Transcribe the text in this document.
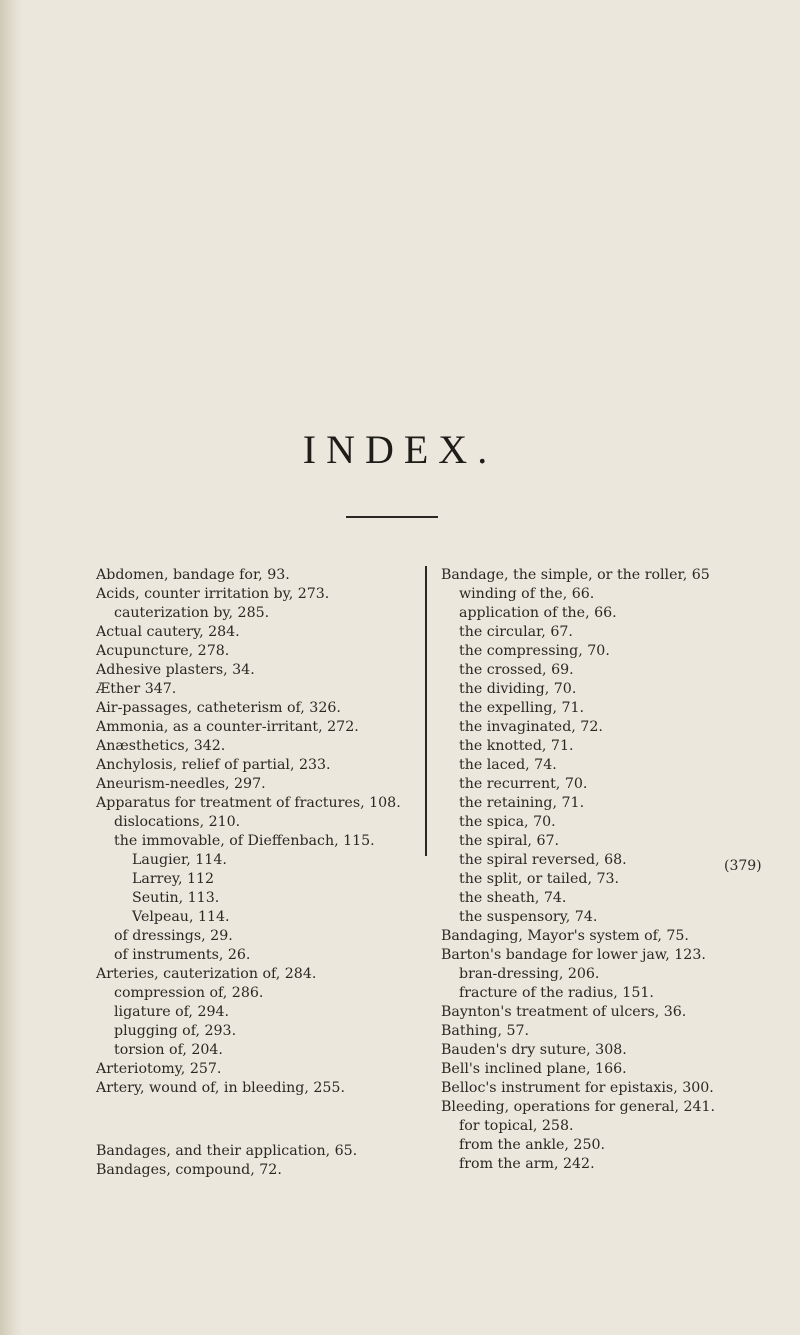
INDEX.
Abdomen, bandage for, 93.
Acids, counter irritation by, 273.
cauterization by, 285.
Actual cautery, 284.
Acupuncture, 278.
Adhesive plasters, 34.
Æther 347.
Air-passages, catheterism of, 326.
Ammonia, as a counter-irritant, 272.
Anæsthetics, 342.
Anchylosis, relief of partial, 233.
Aneurism-needles, 297.
Apparatus for treatment of fractures, 108.
dislocations, 210.
the immovable, of Dieffenbach, 115.
Laugier, 114.
Larrey, 112
Seutin, 113.
Velpeau, 114.
of dressings, 29.
of instruments, 26.
Arteries, cauterization of, 284.
compression of, 286.
ligature of, 294.
plugging of, 293.
torsion of, 204.
Arteriotomy, 257.
Artery, wound of, in bleeding, 255.
Bandages, and their application, 65.
Bandages, compound, 72.
Bandage, the simple, or the roller, 65
winding of the, 66.
application of the, 66.
the circular, 67.
the compressing, 70.
the crossed, 69.
the dividing, 70.
the expelling, 71.
the invaginated, 72.
the knotted, 71.
the laced, 74.
the recurrent, 70.
the retaining, 71.
the spica, 70.
the spiral, 67.
the spiral reversed, 68.
the split, or tailed, 73.
the sheath, 74.
the suspensory, 74.
Bandaging, Mayor's system of, 75.
Barton's bandage for lower jaw, 123.
bran-dressing, 206.
fracture of the radius, 151.
Baynton's treatment of ulcers, 36.
Bathing, 57.
Bauden's dry suture, 308.
Bell's inclined plane, 166.
Belloc's instrument for epistaxis, 300.
Bleeding, operations for general, 241.
for topical, 258.
from the ankle, 250.
from the arm, 242.
(379)
